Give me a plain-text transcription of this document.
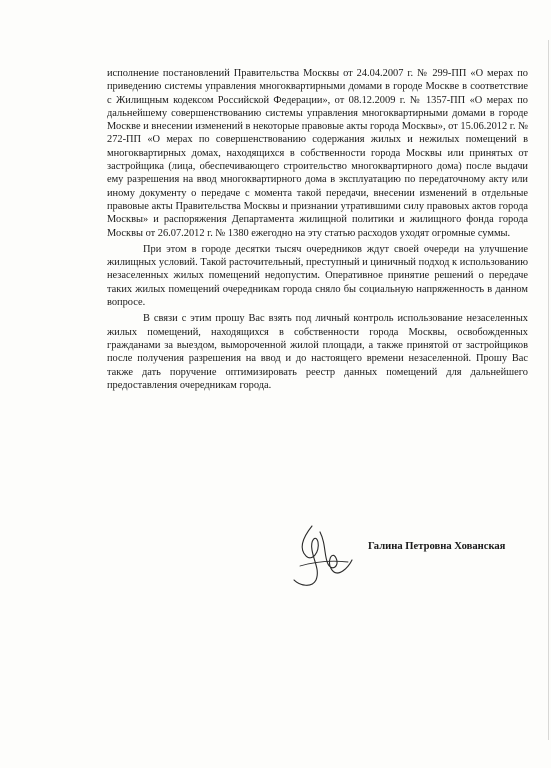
исполнение постановлений Правительства Москвы от 24.04.2007 г. № 299-ПП «О мерах по приведению системы управления многоквартирными домами в городе Москве в соответствие с Жилищным кодексом Российской Федерации», от 08.12.2009 г. № 1357-ПП «О мерах по дальнейшему совершенствованию системы управления многоквартирными домами в городе Москве и внесении изменений в некоторые правовые акты города Москвы», от 15.06.2012 г. № 272-ПП «О мерах по совершенствованию содержания жилых и нежилых помещений в многоквартирных домах, находящихся в собственности города Москвы или принятых от застройщика (лица, обеспечивающего строительство многоквартирного дома) после выдачи ему разрешения на ввод многоквартирного дома в эксплуатацию по передаточному акту или иному документу о передаче с момента такой передачи, внесении изменений в отдельные правовые акты Правительства Москвы и признании утратившими силу правовых актов города Москвы» и распоряжения Департамента жилищной политики и жилищного фонда города Москвы от 26.07.2012 г. № 1380 ежегодно на эту статью расходов уходят огромные суммы.

При этом в городе десятки тысяч очередников ждут своей очереди на улучшение жилищных условий. Такой расточительный, преступный и циничный подход к использованию незаселенных жилых помещений недопустим. Оперативное принятие решений о передаче таких жилых помещений очередникам города сняло бы социальную напряженность в данном вопросе.

В связи с этим прошу Вас взять под личный контроль использование незаселенных жилых помещений, находящихся в собственности города Москвы, освобожденных гражданами за выездом, вымороченной жилой площади, а также принятой от застройщиков после получения разрешения на ввод и до настоящего времени незаселенной. Прошу Вас также дать поручение оптимизировать реестр данных помещений для дальнейшего предоставления очередникам города.

Галина Петровна Хованская
